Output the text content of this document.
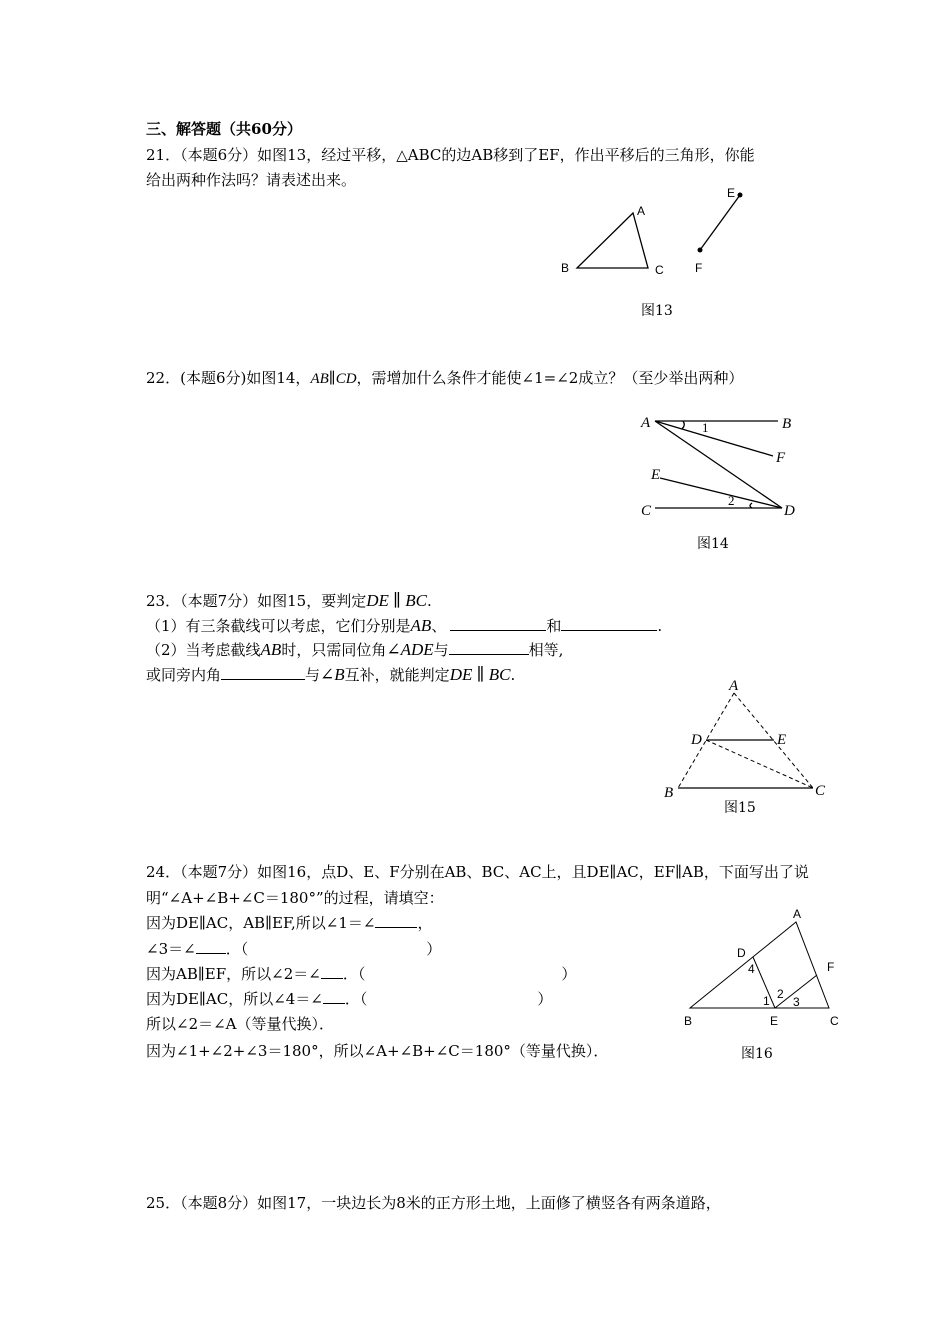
三、解答题（共60分）
21．（本题6分）如图13，经过平移，△ABC的边AB移到了EF，作出平移后的三角形，你能
给出两种作法吗？请表述出来。
A
B	C
E
F
图13
22．(本题6分)如图14，AB∥CD，需增加什么条件才能使∠1=∠2成立？（至少举出两种）
A	B
F
E
C	D
1
2
图14
23．（本题7分）如图15，要判定DE ∥ BC.
（1）有三条截线可以考虑，它们分别是AB、	和	.
（2）当考虑截线AB时，只需同位角∠ADE与	相等,
或同旁内角	与∠B互补，就能判定DE ∥ BC.
A
D	E
B	C
图15
24．（本题7分）如图16，点D、E、F分别在AB、BC、AC上，且DE∥AC，EF∥AB，下面写出了说
明“∠A+∠B+∠C＝180°”的过程，请填空：
因为DE∥AC，AB∥EF,所以∠1＝∠	，
∠3＝∠ ．（	）
因为AB∥EF，所以∠2＝∠ ．（	）
因为DE∥AC，所以∠4＝∠ ．（	）
所以∠2＝∠A（等量代换）．
因为∠1+∠2+∠3＝180°，所以∠A+∠B+∠C＝180°（等量代换）．
A
D
F
B	E	C
1 2
3
4
图16
25．（本题8分）如图17，一块边长为8米的正方形土地，上面修了横竖各有两条道路，
